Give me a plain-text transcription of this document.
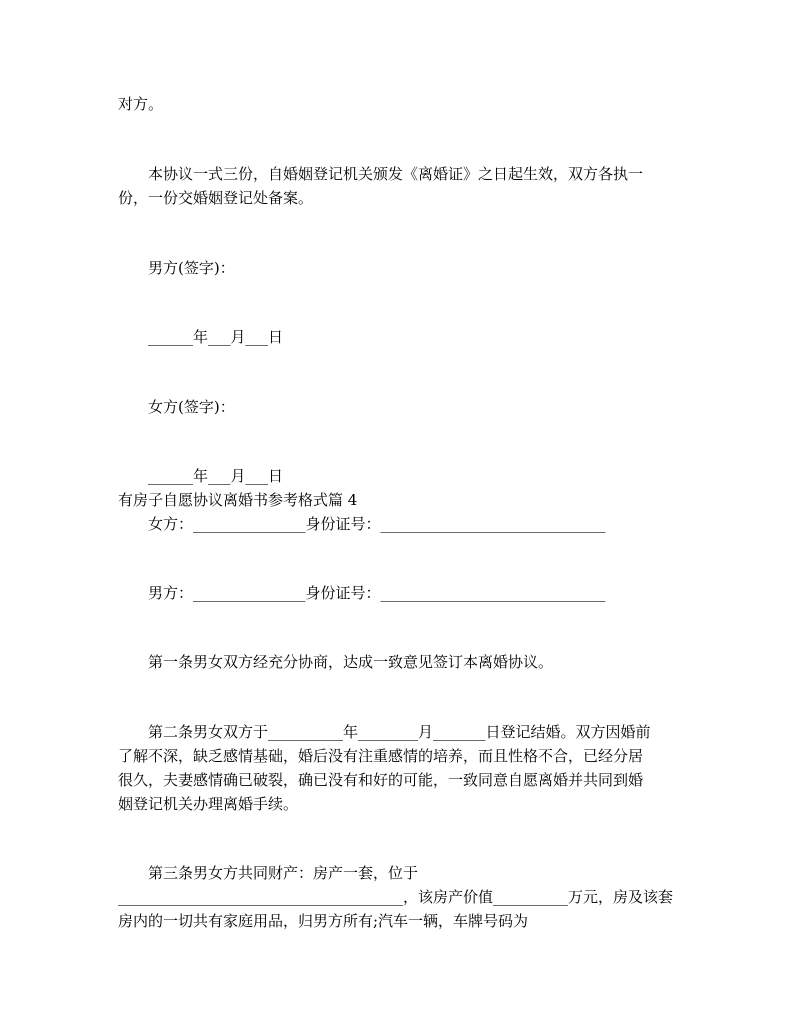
对方。
本协议一式三份，自婚姻登记机关颁发《离婚证》之日起生效，双方各执一
份，一份交婚姻登记处备案。
男方(签字)：
______年___月___日
女方(签字)：
______年___月___日
有房子自愿协议离婚书参考格式篇 4
女方：_______________身份证号：______________________________
男方：_______________身份证号：______________________________
第一条男女双方经充分协商，达成一致意见签订本离婚协议。
第二条男女双方于__________年________月_______日登记结婚。双方因婚前
了解不深，缺乏感情基础，婚后没有注重感情的培养，而且性格不合，已经分居
很久，夫妻感情确已破裂，确已没有和好的可能，一致同意自愿离婚并共同到婚
姻登记机关办理离婚手续。
第三条男女方共同财产：房产一套，位于
______________________________________，该房产价值__________万元，房及该套
房内的一切共有家庭用品，归男方所有;汽车一辆，车牌号码为
